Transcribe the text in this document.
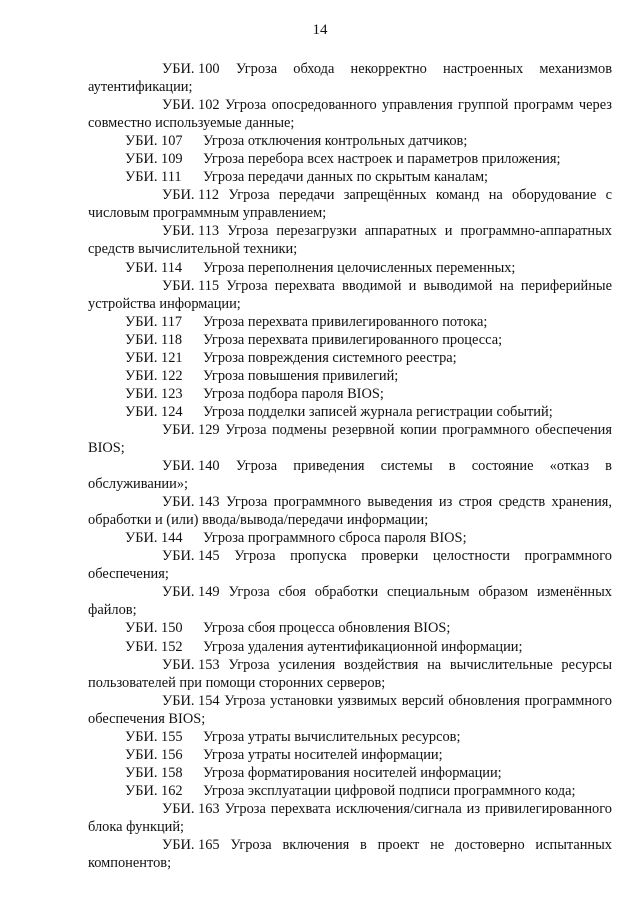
14

УБИ. 100 Угроза обхода некорректно настроенных механизмов аутентификации;

УБИ. 102 Угроза опосредованного управления группой программ через совместно используемые данные;

УБИ. 107 Угроза отключения контрольных датчиков;

УБИ. 109 Угроза перебора всех настроек и параметров приложения;

УБИ. 111 Угроза передачи данных по скрытым каналам;

УБИ. 112 Угроза передачи запрещённых команд на оборудование с числовым программным управлением;

УБИ. 113 Угроза перезагрузки аппаратных и программно-аппаратных средств вычислительной техники;

УБИ. 114 Угроза переполнения целочисленных переменных;

УБИ. 115 Угроза перехвата вводимой и выводимой на периферийные устройства информации;

УБИ. 117 Угроза перехвата привилегированного потока;

УБИ. 118 Угроза перехвата привилегированного процесса;

УБИ. 121 Угроза повреждения системного реестра;

УБИ. 122 Угроза повышения привилегий;

УБИ. 123 Угроза подбора пароля BIOS;

УБИ. 124 Угроза подделки записей журнала регистрации событий;

УБИ. 129 Угроза подмены резервной копии программного обеспечения BIOS;

УБИ. 140 Угроза приведения системы в состояние «отказ в обслуживании»;

УБИ. 143 Угроза программного выведения из строя средств хранения, обработки и (или) ввода/вывода/передачи информации;

УБИ. 144 Угроза программного сброса пароля BIOS;

УБИ. 145 Угроза пропуска проверки целостности программного обеспечения;

УБИ. 149 Угроза сбоя обработки специальным образом изменённых файлов;

УБИ. 150 Угроза сбоя процесса обновления BIOS;

УБИ. 152 Угроза удаления аутентификационной информации;

УБИ. 153 Угроза усиления воздействия на вычислительные ресурсы пользователей при помощи сторонних серверов;

УБИ. 154 Угроза установки уязвимых версий обновления программного обеспечения BIOS;

УБИ. 155 Угроза утраты вычислительных ресурсов;

УБИ. 156 Угроза утраты носителей информации;

УБИ. 158 Угроза форматирования носителей информации;

УБИ. 162 Угроза эксплуатации цифровой подписи программного кода;

УБИ. 163 Угроза перехвата исключения/сигнала из привилегированного блока функций;

УБИ. 165 Угроза включения в проект не достоверно испытанных компонентов;
